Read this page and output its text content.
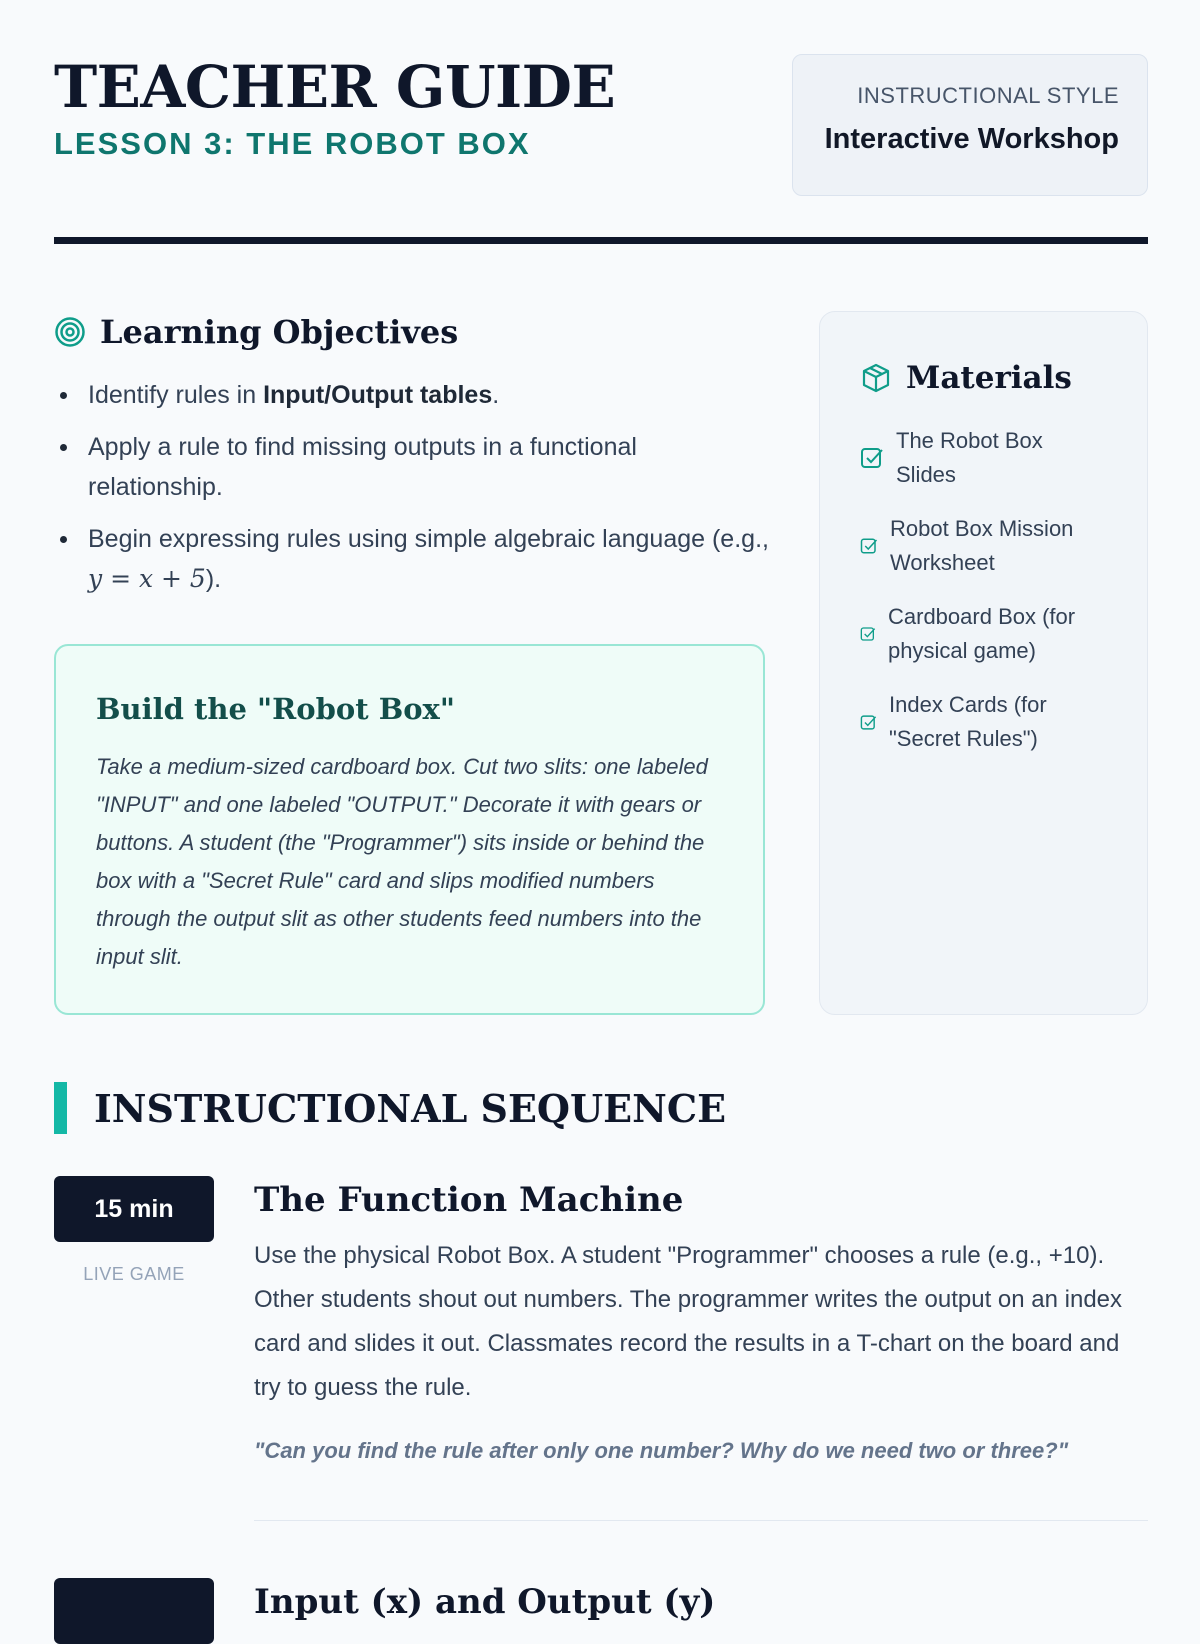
TEACHER GUIDE
LESSON 3: THE ROBOT BOX
INSTRUCTIONAL STYLE
Interactive Workshop
Learning Objectives
Identify rules in Input/Output tables.
Apply a rule to find missing outputs in a functional relationship.
Begin expressing rules using simple algebraic language (e.g., y = x + 5).
Build the "Robot Box"

Take a medium-sized cardboard box. Cut two slits: one labeled "INPUT" and one labeled "OUTPUT." Decorate it with gears or buttons. A student (the "Programmer") sits inside or behind the box with a "Secret Rule" card and slips modified numbers through the output slit as other students feed numbers into the input slit.

Materials
The Robot Box Slides
Robot Box Mission Worksheet
Cardboard Box (for physical game)
Index Cards (for "Secret Rules")
INSTRUCTIONAL SEQUENCE
15 min
LIVE GAME
The Function Machine
Use the physical Robot Box. A student "Programmer" chooses a rule (e.g., +10). Other students shout out numbers. The programmer writes the output on an index card and slides it out. Classmates record the results in a T-chart on the board and try to guess the rule.
"Can you find the rule after only one number? Why do we need two or three?"
Input (x) and Output (y)
